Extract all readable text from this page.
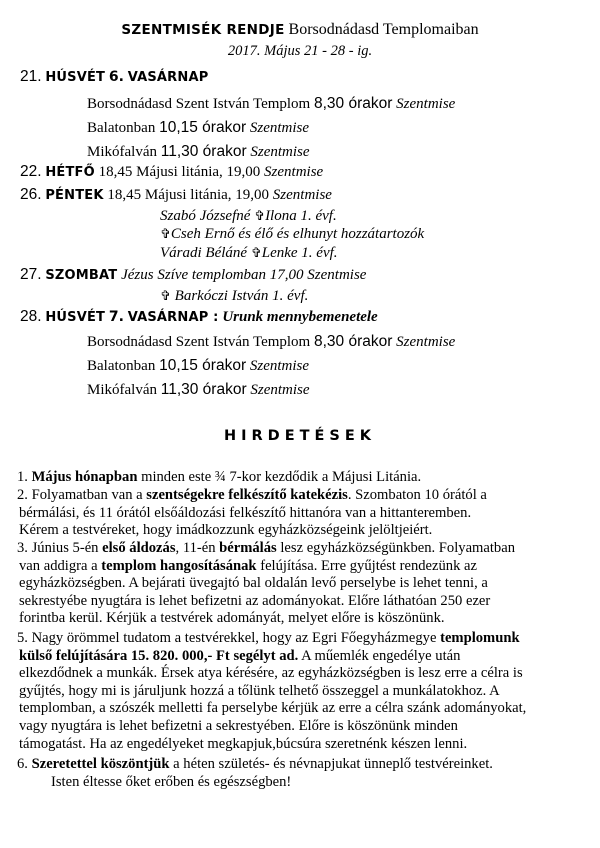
SZENTMISÉK RENDJE Borsodnádasd Templomaiban
2017. Május 21 - 28 - ig.
21. HÚSVÉT 6. VASÁRNAP
Borsodnádasd Szent István Templom 8,30 órakor Szentmise
Balatonban 10,15 órakor Szentmise
Mikófalván 11,30 órakor Szentmise
22. HÉTFŐ 18,45 Májusi litánia, 19,00 Szentmise
26. PÉNTEK 18,45 Májusi litánia, 19,00 Szentmise
Szabó Józsefné ✞Ilona 1. évf.
✞Cseh Ernő és élő és elhunyt hozzátartozók
Váradi Béláné ✞Lenke 1. évf.
27. SZOMBAT Jézus Szíve templomban 17,00 Szentmise
✞ Barkóczi István 1. évf.
28. HÚSVÉT 7. VASÁRNAP : Urunk mennybemenetele
Borsodnádasd Szent István Templom 8,30 órakor Szentmise
Balatonban 10,15 órakor Szentmise
Mikófalván 11,30 órakor Szentmise
HIRDETÉSEK
1. Május hónapban minden este ¾ 7-kor kezdődik a Májusi Litánia.
2. Folyamatban van a szentségekre felkészítő katekézis. Szombaton 10 órától a
bérmálási, és 11 órától elsőáldozási felkészítő hittanóra van a hittanteremben.
Kérem a testvéreket, hogy imádkozzunk egyházközségeink jelöltjeiért.
3. Június 5-én első áldozás, 11-én bérmálás lesz egyházközségünkben. Folyamatban
van addigra a templom hangosításának felújítása. Erre gyűjtést rendezünk az
egyházközségben. A bejárati üvegajtó bal oldalán levő perselybe is lehet tenni, a
sekrestyébe nyugtára is lehet befizetni az adományokat. Előre láthatóan 250 ezer
forintba kerül. Kérjük a testvérek adományát, melyet előre is köszönünk.
5. Nagy örömmel tudatom a testvérekkel, hogy az Egri Főegyházmegye templomunk
külső felújítására 15. 820. 000,- Ft segélyt ad. A műemlék engedélye után
elkezdődnek a munkák. Érsek atya kérésére, az egyházközségben is lesz erre a célra is
gyűjtés, hogy mi is járuljunk hozzá a tőlünk telhető összeggel a munkálatokhoz. A
templomban, a szószék melletti fa perselybe kérjük az erre a célra szánk adományokat,
vagy nyugtára is lehet befizetni a sekrestyében. Előre is köszönünk minden
támogatást. Ha az engedélyeket megkapjuk,búcsúra szeretnénk készen lenni.
6. Szeretettel köszöntjük a héten születés- és névnapjukat ünneplő testvéreinket.
Isten éltesse őket erőben és egészségben!
